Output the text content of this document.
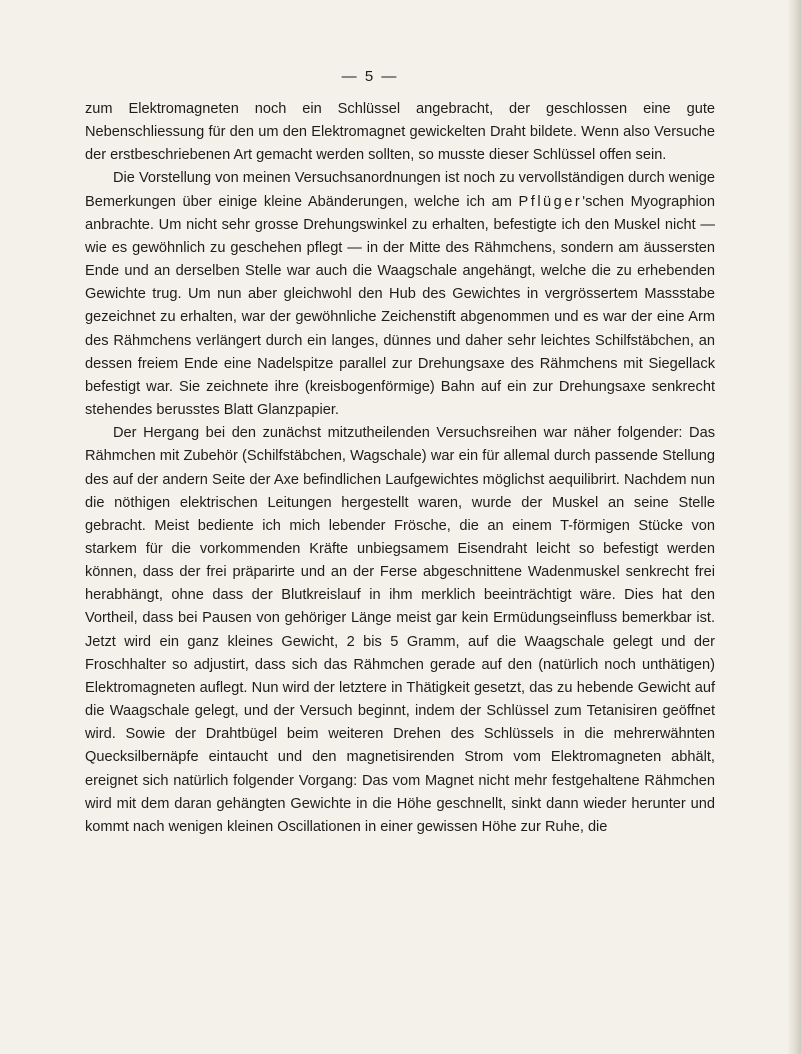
— 5 —

zum Elektromagneten noch ein Schlüssel angebracht, der geschlossen eine gute Nebenschliessung für den um den Elektromagnet gewickelten Draht bildete. Wenn also Versuche der erstbeschriebenen Art gemacht werden sollten, so musste dieser Schlüssel offen sein.

Die Vorstellung von meinen Versuchsanordnungen ist noch zu vervollständigen durch wenige Bemerkungen über einige kleine Abänderungen, welche ich am Pflüger'schen Myographion anbrachte. Um nicht sehr grosse Drehungswinkel zu erhalten, befestigte ich den Muskel nicht — wie es gewöhnlich zu geschehen pflegt — in der Mitte des Rähmchens, sondern am äussersten Ende und an derselben Stelle war auch die Waagschale angehängt, welche die zu erhebenden Gewichte trug. Um nun aber gleichwohl den Hub des Gewichtes in vergrössertem Massstabe gezeichnet zu erhalten, war der gewöhnliche Zeichenstift abgenommen und es war der eine Arm des Rähmchens verlängert durch ein langes, dünnes und daher sehr leichtes Schilfstäbchen, an dessen freiem Ende eine Nadelspitze parallel zur Drehungsaxe des Rähmchens mit Siegellack befestigt war. Sie zeichnete ihre (kreisbogenförmige) Bahn auf ein zur Drehungsaxe senkrecht stehendes berusstes Blatt Glanzpapier.

Der Hergang bei den zunächst mitzutheilenden Versuchsreihen war näher folgender: Das Rähmchen mit Zubehör (Schilfstäbchen, Wagschale) war ein für allemal durch passende Stellung des auf der andern Seite der Axe befindlichen Laufgewichtes möglichst aequilibrirt. Nachdem nun die nöthigen elektrischen Leitungen hergestellt waren, wurde der Muskel an seine Stelle gebracht. Meist bediente ich mich lebender Frösche, die an einem T-förmigen Stücke von starkem für die vorkommenden Kräfte unbiegsamem Eisendraht leicht so befestigt werden können, dass der frei präparirte und an der Ferse abgeschnittene Wadenmuskel senkrecht frei herabhängt, ohne dass der Blutkreislauf in ihm merklich beeinträchtigt wäre. Dies hat den Vortheil, dass bei Pausen von gehöriger Länge meist gar kein Ermüdungseinfluss bemerkbar ist. Jetzt wird ein ganz kleines Gewicht, 2 bis 5 Gramm, auf die Waagschale gelegt und der Froschhalter so adjustirt, dass sich das Rähmchen gerade auf den (natürlich noch unthätigen) Elektromagneten auflegt. Nun wird der letztere in Thätigkeit gesetzt, das zu hebende Gewicht auf die Waagschale gelegt, und der Versuch beginnt, indem der Schlüssel zum Tetanisiren geöffnet wird. Sowie der Drahtbügel beim weiteren Drehen des Schlüssels in die mehrerwähnten Quecksilbernäpfe eintaucht und den magnetisirenden Strom vom Elektromagneten abhält, ereignet sich natürlich folgender Vorgang: Das vom Magnet nicht mehr festgehaltene Rähmchen wird mit dem daran gehängten Gewichte in die Höhe geschnellt, sinkt dann wieder herunter und kommt nach wenigen kleinen Oscillationen in einer gewissen Höhe zur Ruhe, die
